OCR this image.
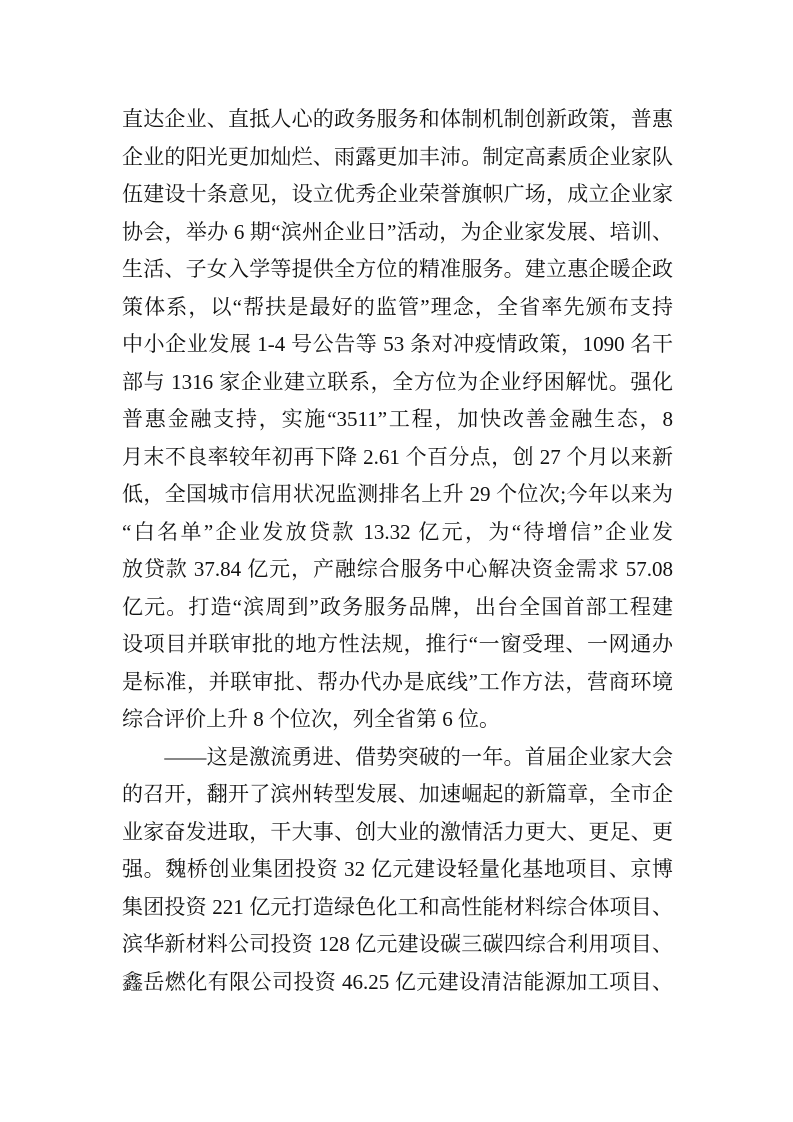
直达企业、直抵人心的政务服务和体制机制创新政策，普惠
企业的阳光更加灿烂、雨露更加丰沛。制定高素质企业家队
伍建设十条意见，设立优秀企业荣誉旗帜广场，成立企业家
协会，举办 6 期“滨州企业日”活动，为企业家发展、培训、
生活、子女入学等提供全方位的精准服务。建立惠企暖企政
策体系，以“帮扶是最好的监管”理念，全省率先颁布支持
中小企业发展 1-4 号公告等 53 条对冲疫情政策，1090 名干
部与 1316 家企业建立联系，全方位为企业纾困解忧。强化
普惠金融支持，实施“3511”工程，加快改善金融生态，8
月末不良率较年初再下降 2.61 个百分点，创 27 个月以来新
低，全国城市信用状况监测排名上升 29 个位次;今年以来为
“白名单”企业发放贷款 13.32 亿元，为“待增信”企业发
放贷款 37.84 亿元，产融综合服务中心解决资金需求 57.08
亿元。打造“滨周到”政务服务品牌，出台全国首部工程建
设项目并联审批的地方性法规，推行“一窗受理、一网通办
是标准，并联审批、帮办代办是底线”工作方法，营商环境
综合评价上升 8 个位次，列全省第 6 位。
　　——这是激流勇进、借势突破的一年。首届企业家大会
的召开，翻开了滨州转型发展、加速崛起的新篇章，全市企
业家奋发进取，干大事、创大业的激情活力更大、更足、更
强。魏桥创业集团投资 32 亿元建设轻量化基地项目、京博
集团投资 221 亿元打造绿色化工和高性能材料综合体项目、
滨华新材料公司投资 128 亿元建设碳三碳四综合利用项目、
鑫岳燃化有限公司投资 46.25 亿元建设清洁能源加工项目、
